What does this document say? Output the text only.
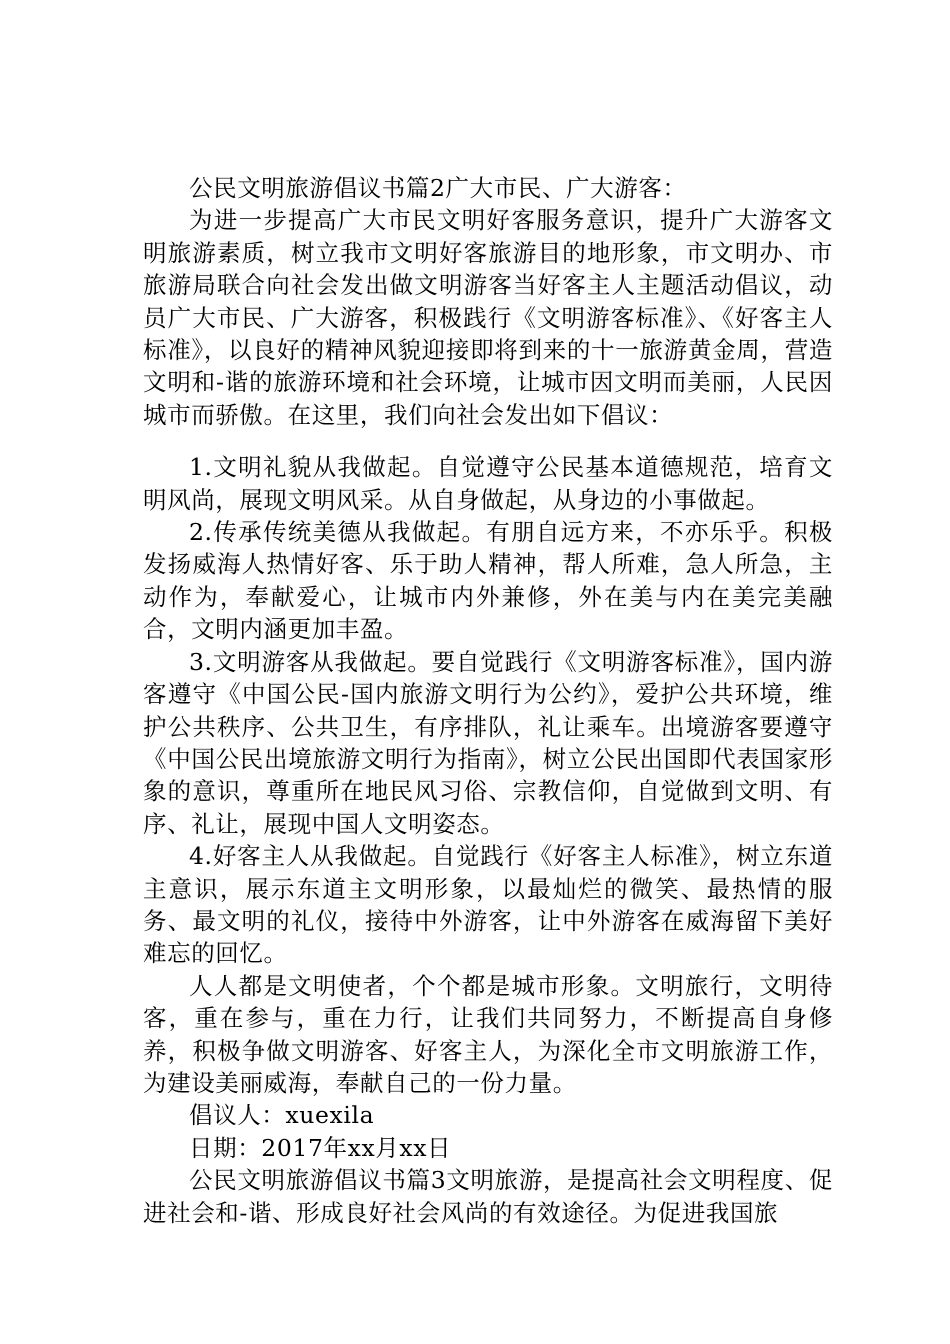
公民文明旅游倡议书篇2广大市民、广大游客：

为进一步提高广大市民文明好客服务意识，提升广大游客文明旅游素质，树立我市文明好客旅游目的地形象，市文明办、市旅游局联合向社会发出做文明游客当好客主人主题活动倡议，动员广大市民、广大游客，积极践行《文明游客标准》、《好客主人标准》，以良好的精神风貌迎接即将到来的十一旅游黄金周，营造文明和-谐的旅游环境和社会环境，让城市因文明而美丽，人民因城市而骄傲。在这里，我们向社会发出如下倡议：

1.文明礼貌从我做起。自觉遵守公民基本道德规范，培育文明风尚，展现文明风采。从自身做起，从身边的小事做起。

2.传承传统美德从我做起。有朋自远方来，不亦乐乎。积极发扬威海人热情好客、乐于助人精神，帮人所难，急人所急，主动作为，奉献爱心，让城市内外兼修，外在美与内在美完美融合，文明内涵更加丰盈。

3.文明游客从我做起。要自觉践行《文明游客标准》，国内游客遵守《中国公民-国内旅游文明行为公约》，爱护公共环境，维护公共秩序、公共卫生，有序排队，礼让乘车。出境游客要遵守《中国公民出境旅游文明行为指南》，树立公民出国即代表国家形象的意识，尊重所在地民风习俗、宗教信仰，自觉做到文明、有序、礼让，展现中国人文明姿态。

4.好客主人从我做起。自觉践行《好客主人标准》，树立东道主意识，展示东道主文明形象，以最灿烂的微笑、最热情的服务、最文明的礼仪，接待中外游客，让中外游客在威海留下美好难忘的回忆。

人人都是文明使者，个个都是城市形象。文明旅行，文明待客，重在参与，重在力行，让我们共同努力，不断提高自身修养，积极争做文明游客、好客主人，为深化全市文明旅游工作，为建设美丽威海，奉献自己的一份力量。

倡议人：xuexila

日期：2017年xx月xx日

公民文明旅游倡议书篇3文明旅游，是提高社会文明程度、促进社会和-谐、形成良好社会风尚的有效途径。为促进我国旅
